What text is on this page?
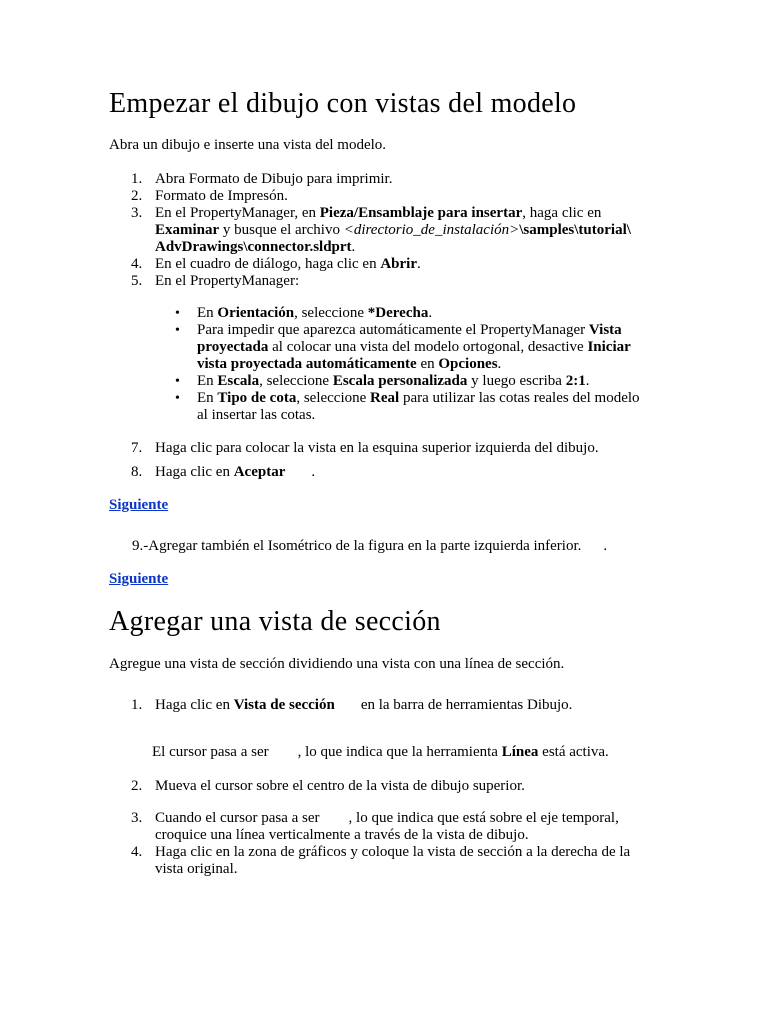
Empezar el dibujo con vistas del modelo

Abra un dibujo e inserte una vista del modelo.

1. Abra Formato de Dibujo para imprimir.
2. Formato de Impresón.
3. En el PropertyManager, en Pieza/Ensamblaje para insertar, haga clic en
Examinar y busque el archivo <directorio_de_instalación>\samples\tutorial\
AdvDrawings\connector.sldprt.
4. En el cuadro de diálogo, haga clic en Abrir.
5. En el PropertyManager:
• En Orientación, seleccione *Derecha.
• Para impedir que aparezca automáticamente el PropertyManager Vista
proyectada al colocar una vista del modelo ortogonal, desactive Iniciar
vista proyectada automáticamente en Opciones.
• En Escala, seleccione Escala personalizada y luego escriba 2:1.
• En Tipo de cota, seleccione Real para utilizar las cotas reales del modelo
al insertar las cotas.
7. Haga clic para colocar la vista en la esquina superior izquierda del dibujo.
8. Haga clic en Aceptar .

Siguiente

9.-Agregar también el Isométrico de la figura en la parte izquierda inferior. .

Siguiente

Agregar una vista de sección

Agregue una vista de sección dividiendo una vista con una línea de sección.

1. Haga clic en Vista de sección en la barra de herramientas Dibujo.

El cursor pasa a ser , lo que indica que la herramienta Línea está activa.

2. Mueva el cursor sobre el centro de la vista de dibujo superior.
3. Cuando el cursor pasa a ser , lo que indica que está sobre el eje temporal,
croquice una línea verticalmente a través de la vista de dibujo.
4. Haga clic en la zona de gráficos y coloque la vista de sección a la derecha de la
vista original.
